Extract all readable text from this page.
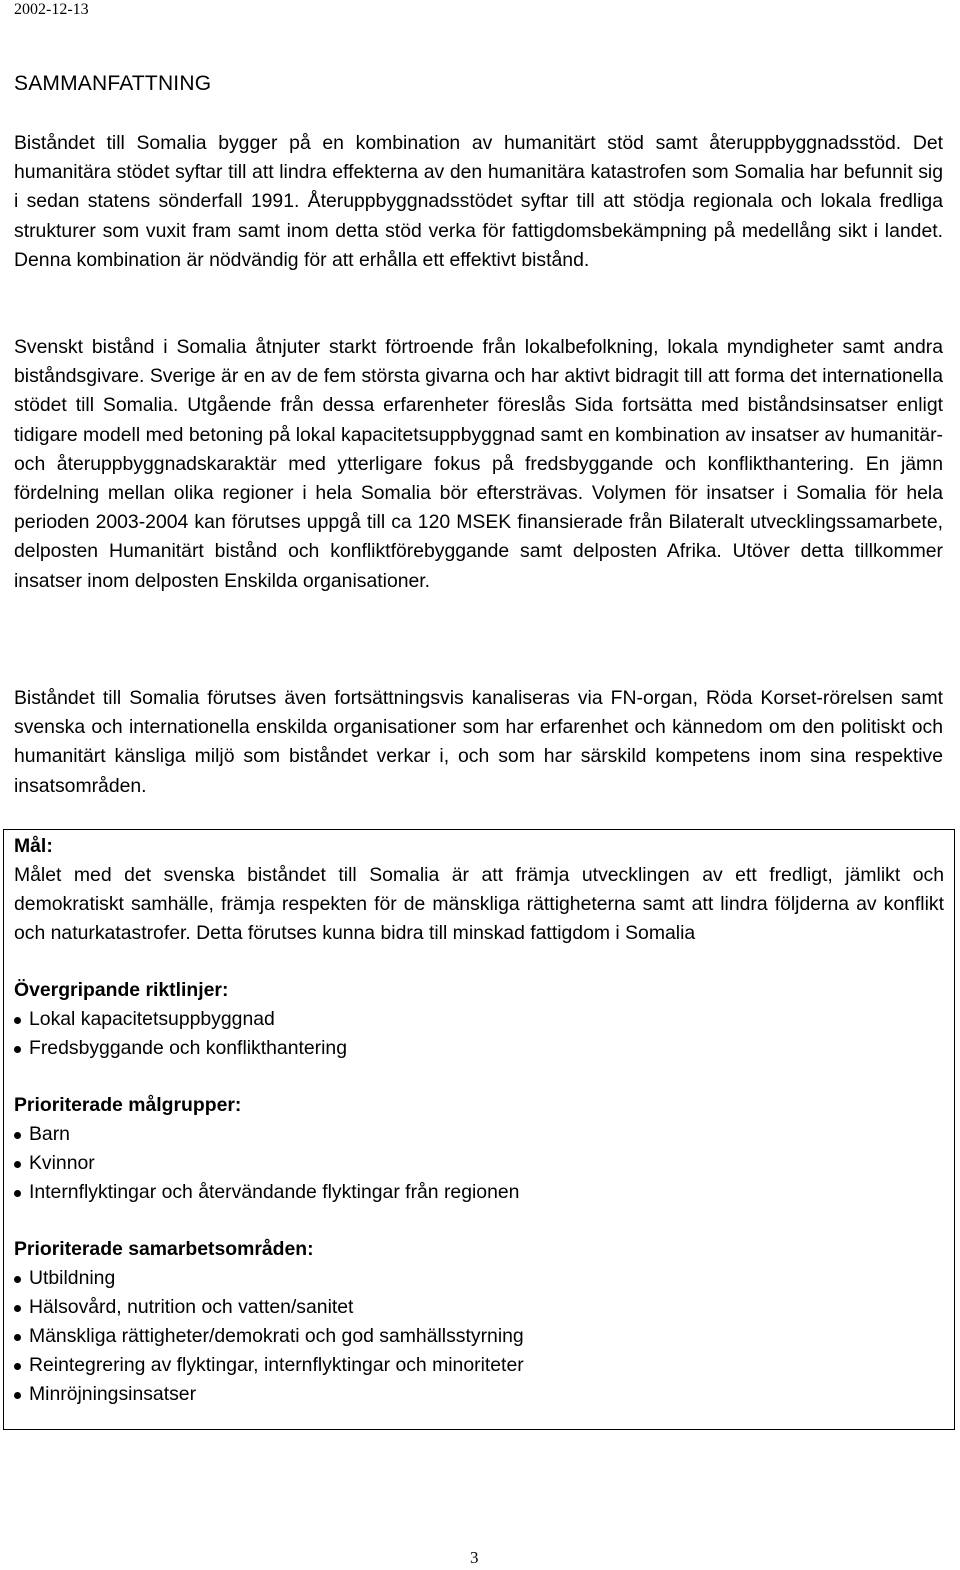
2002-12-13
SAMMANFATTNING

Biståndet till Somalia bygger på en kombination av humanitärt stöd samt återuppbyggnadsstöd. Det humanitära stödet syftar till att lindra effekterna av den humanitära katastrofen som Somalia har befunnit sig i sedan statens sönderfall 1991. Återuppbyggnadsstödet syftar till att stödja regionala och lokala fredliga strukturer som vuxit fram samt inom detta stöd verka för fattigdomsbekämpning på medellång sikt i landet. Denna kombination är nödvändig för att erhålla ett effektivt bistånd.

Svenskt bistånd i Somalia åtnjuter starkt förtroende från lokalbefolkning, lokala myndigheter samt andra biståndsgivare. Sverige är en av de fem största givarna och har aktivt bidragit till att forma det internationella stödet till Somalia. Utgående från dessa erfarenheter föreslås Sida fortsätta med biståndsinsatser enligt tidigare modell med betoning på lokal kapacitetsuppbyggnad samt en kombination av insatser av humanitär- och återuppbyggnadskaraktär med ytterligare fokus på fredsbyggande och konflikthantering. En jämn fördelning mellan olika regioner i hela Somalia bör eftersträvas. Volymen för insatser i Somalia för hela perioden 2003-2004 kan förutses uppgå till ca 120 MSEK finansierade från Bilateralt utvecklingssamarbete, delposten Humanitärt bistånd och konfliktförebyggande samt delposten Afrika. Utöver detta tillkommer insatser inom delposten Enskilda organisationer.

Biståndet till Somalia förutses även fortsättningsvis kanaliseras via FN-organ, Röda Korset-rörelsen samt svenska och internationella enskilda organisationer som har erfarenhet och kännedom om den politiskt och humanitärt känsliga miljö som biståndet verkar i, och som har särskild kompetens inom sina respektive insatsområden.

Mål:

Målet med det svenska biståndet till Somalia är att främja utvecklingen av ett fredligt, jämlikt och demokratiskt samhälle, främja respekten för de mänskliga rättigheterna samt att lindra följderna av konflikt och naturkatastrofer. Detta förutses kunna bidra till minskad fattigdom i Somalia

Övergripande riktlinjer:

Lokal kapacitetsuppbyggnad
Fredsbyggande och konflikthantering

Prioriterade målgrupper:

Barn
Kvinnor
Internflyktingar och återvändande flyktingar från regionen

Prioriterade samarbetsområden:

Utbildning
Hälsovård, nutrition och vatten/sanitet
Mänskliga rättigheter/demokrati och god samhällsstyrning
Reintegrering av flyktingar, internflyktingar och minoriteter
Minröjningsinsatser
3
